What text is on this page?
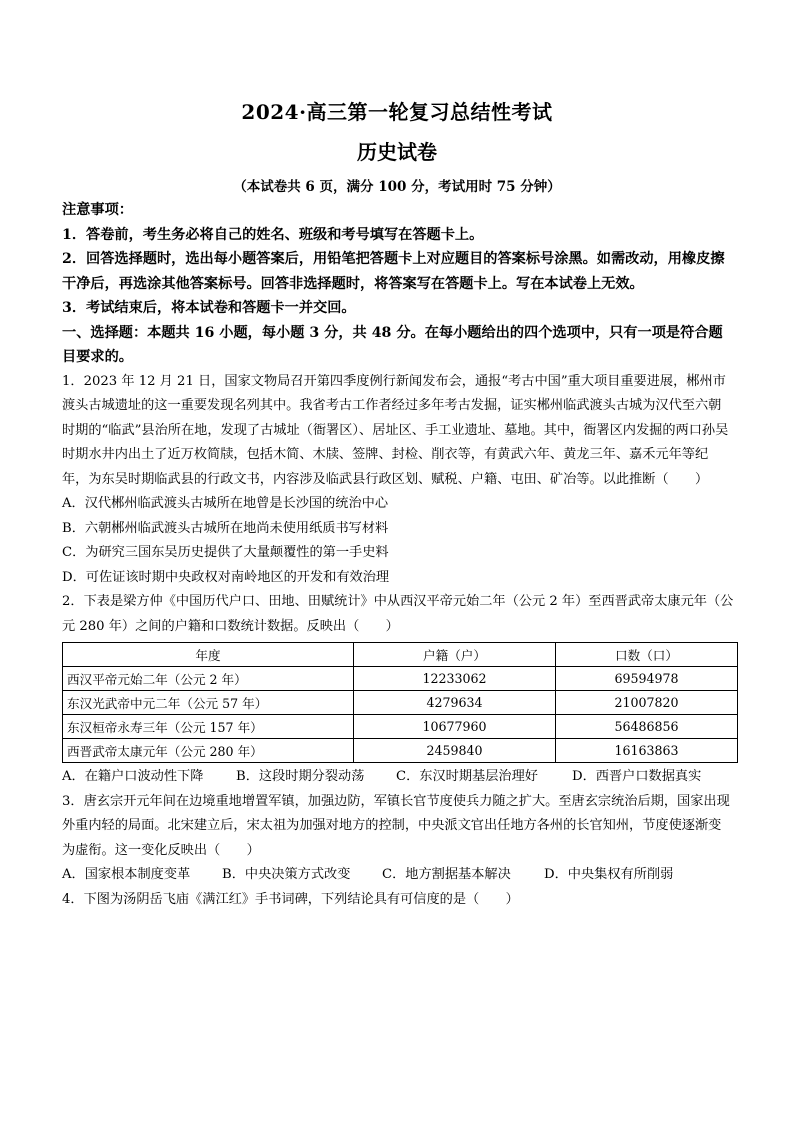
2024·高三第一轮复习总结性考试
历史试卷
（本试卷共 6 页，满分 100 分，考试用时 75 分钟）
注意事项：
1．答卷前，考生务必将自己的姓名、班级和考号填写在答题卡上。
2．回答选择题时，选出每小题答案后，用铅笔把答题卡上对应题目的答案标号涂黑。如需改动，用橡皮擦干净后，再选涂其他答案标号。回答非选择题时，将答案写在答题卡上。写在本试卷上无效。
3．考试结束后，将本试卷和答题卡一并交回。
一、选择题：本题共 16 小题，每小题 3 分，共 48 分。在每小题给出的四个选项中，只有一项是符合题目要求的。
1．2023 年 12 月 21 日，国家文物局召开第四季度例行新闻发布会，通报“考古中国”重大项目重要进展，郴州市渡头古城遗址的这一重要发现名列其中。我省考古工作者经过多年考古发掘，证实郴州临武渡头古城为汉代至六朝时期的“临武”县治所在地，发现了古城址（衙署区）、居址区、手工业遗址、墓地。其中，衙署区内发掘的两口孙吴时期水井内出土了近万枚简牍，包括木简、木牍、签牌、封检、削衣等，有黄武六年、黄龙三年、嘉禾元年等纪年，为东吴时期临武县的行政文书，内容涉及临武县行政区划、赋税、户籍、屯田、矿冶等。以此推断（　　）
A．汉代郴州临武渡头古城所在地曾是长沙国的统治中心
B．六朝郴州临武渡头古城所在地尚未使用纸质书写材料
C．为研究三国东吴历史提供了大量颠覆性的第一手史料
D．可佐证该时期中央政权对南岭地区的开发和有效治理
2．下表是梁方仲《中国历代户口、田地、田赋统计》中从西汉平帝元始二年（公元 2 年）至西晋武帝太康元年（公元 280 年）之间的户籍和口数统计数据。反映出（　　）
年度	户籍（户）	口数（口）
西汉平帝元始二年（公元 2 年）	12233062	69594978
东汉光武帝中元二年（公元 57 年）	4279634	21007820
东汉桓帝永寿三年（公元 157 年）	10677960	56486856
西晋武帝太康元年（公元 280 年）	2459840	16163863
A．在籍户口波动性下降	B．这段时期分裂动荡	C．东汉时期基层治理好	D．西晋户口数据真实
3．唐玄宗开元年间在边境重地增置军镇，加强边防，军镇长官节度使兵力随之扩大。至唐玄宗统治后期，国家出现外重内轻的局面。北宋建立后，宋太祖为加强对地方的控制，中央派文官出任地方各州的长官知州，节度使逐渐变为虚衔。这一变化反映出（　　）
A．国家根本制度变革	B．中央决策方式改变	C．地方割据基本解决	D．中央集权有所削弱
4．下图为汤阴岳飞庙《满江红》手书词碑，下列结论具有可信度的是（　　）
